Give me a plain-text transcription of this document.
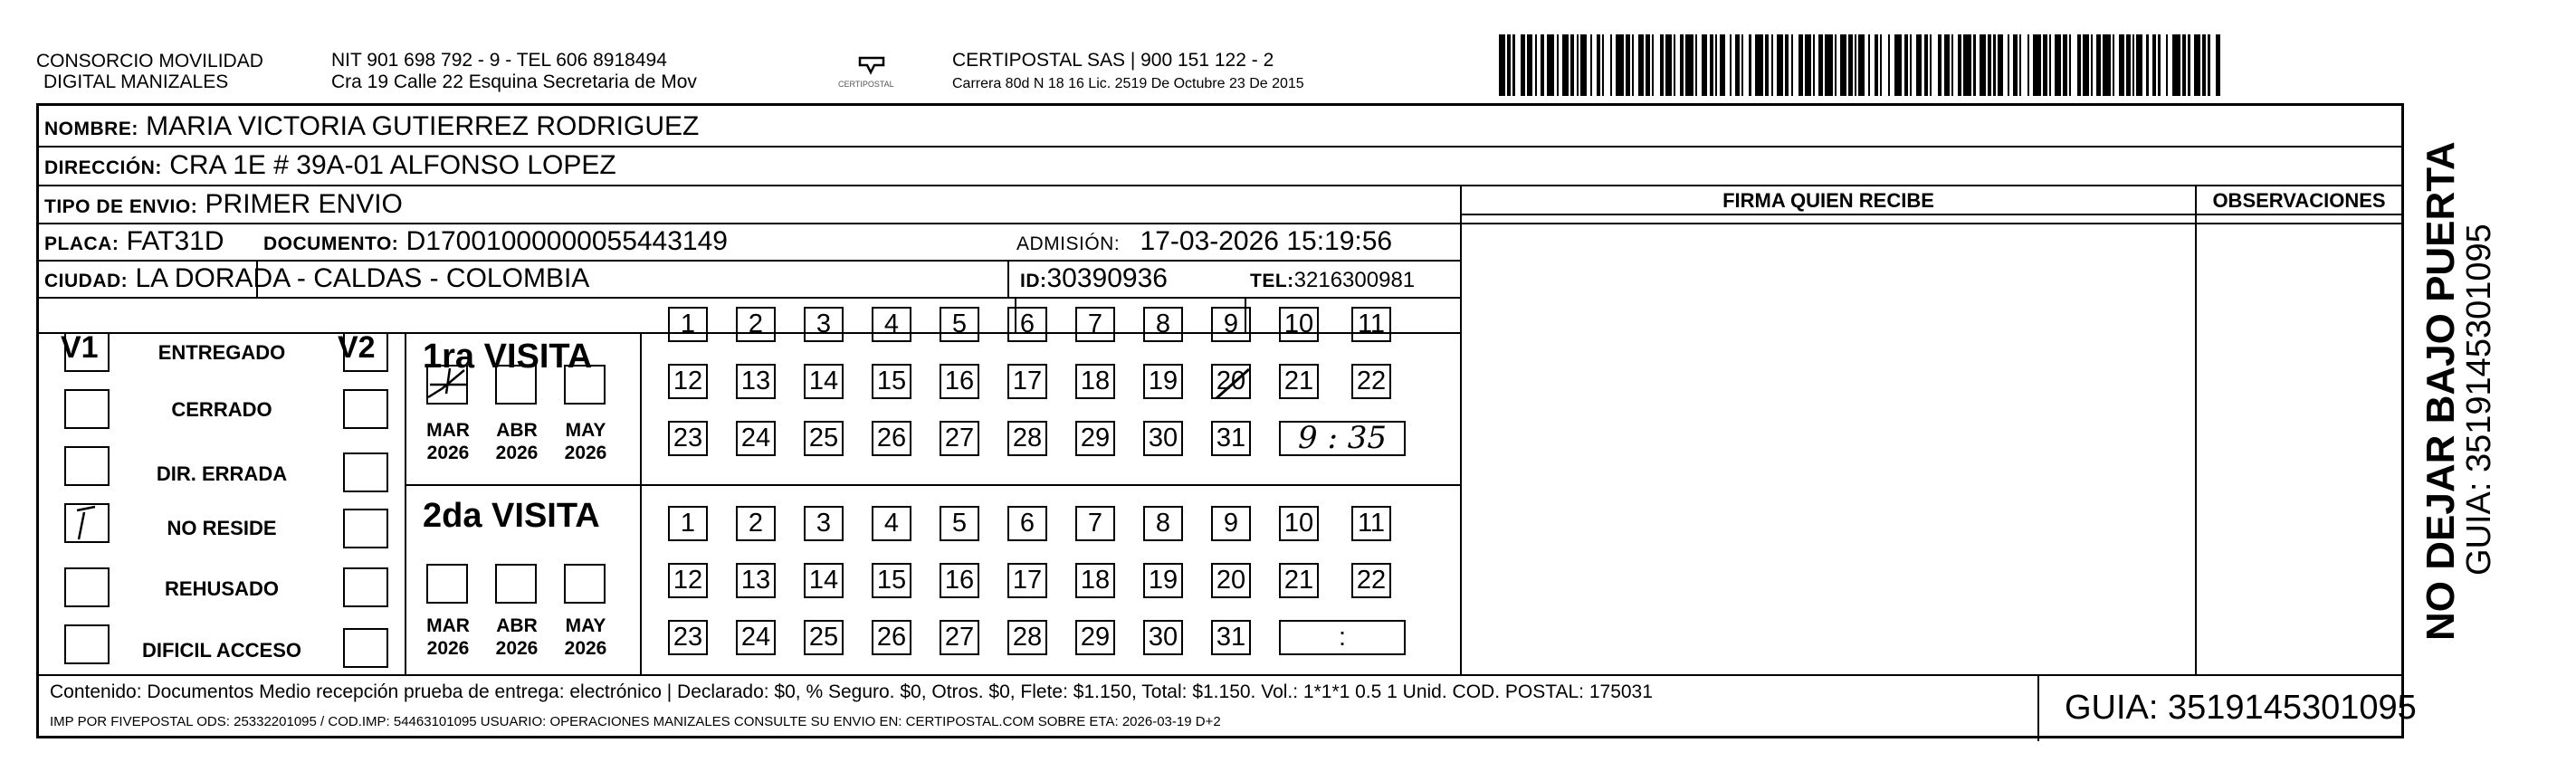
CONSORCIO MOVILIDAD
DIGITAL MANIZALES
NIT 901 698 792 - 9 - TEL 606 8918494
Cra 19 Calle 22 Esquina Secretaria de Mov	CERTIPOSTAL
CERTIPOSTAL SAS | 900 151 122 - 2
Carrera 80d N 18 16 Lic. 2519 De Octubre 23 De 2015
NOMBRE: MARIA VICTORIA GUTIERREZ RODRIGUEZ
DIRECCIÓN: CRA 1E # 39A-01 ALFONSO LOPEZ
TIPO DE ENVIO: PRIMER ENVIO	FIRMA QUIEN RECIBE	OBSERVACIONES
PLACA: FAT31D DOCUMENTO: D17001000000055443149	ADMISIÓN: 17-03-2026 15:19:56
CIUDAD: LA DORADA - CALDAS - COLOMBIA	ID:30390936	TEL:3216300981
V1	V2
ENTREGADO
CERRADO
DIR. ERRADA
NO RESIDE
REHUSADO
DIFICIL ACCESO
1ra VISITA
MAR
2026
ABR
2026
MAY
2026
1	2	3	4	5	6	7	8	9	10 11
12 13 14 15 16 17 18 19 20 21 22
23 24 25 26 27 28 29 30 31	9 : 35
2da VISITA
MAR
2026
ABR
2026
MAY
2026
1	2	3	4	5	6	7	8	9	10 11
12 13 14 15 16 17 18 19 20 21 22
23 24 25 26 27 28 29 30 31	:
Contenido: Documentos Medio recepción prueba de entrega: electrónico | Declarado: $0, % Seguro. $0, Otros. $0, Flete: $1.150, Total: $1.150. Vol.: 1*1*1 0.5 1 Unid. COD. POSTAL: 175031
IMP POR FIVEPOSTAL ODS: 25332201095 / COD.IMP: 54463101095 USUARIO: OPERACIONES MANIZALES CONSULTE SU ENVIO EN: CERTIPOSTAL.COM SOBRE ETA: 2026-03-19 D+2	GUIA: 3519145301095
NO DEJAR BAJO PUERTA
GUIA: 3519145301095
